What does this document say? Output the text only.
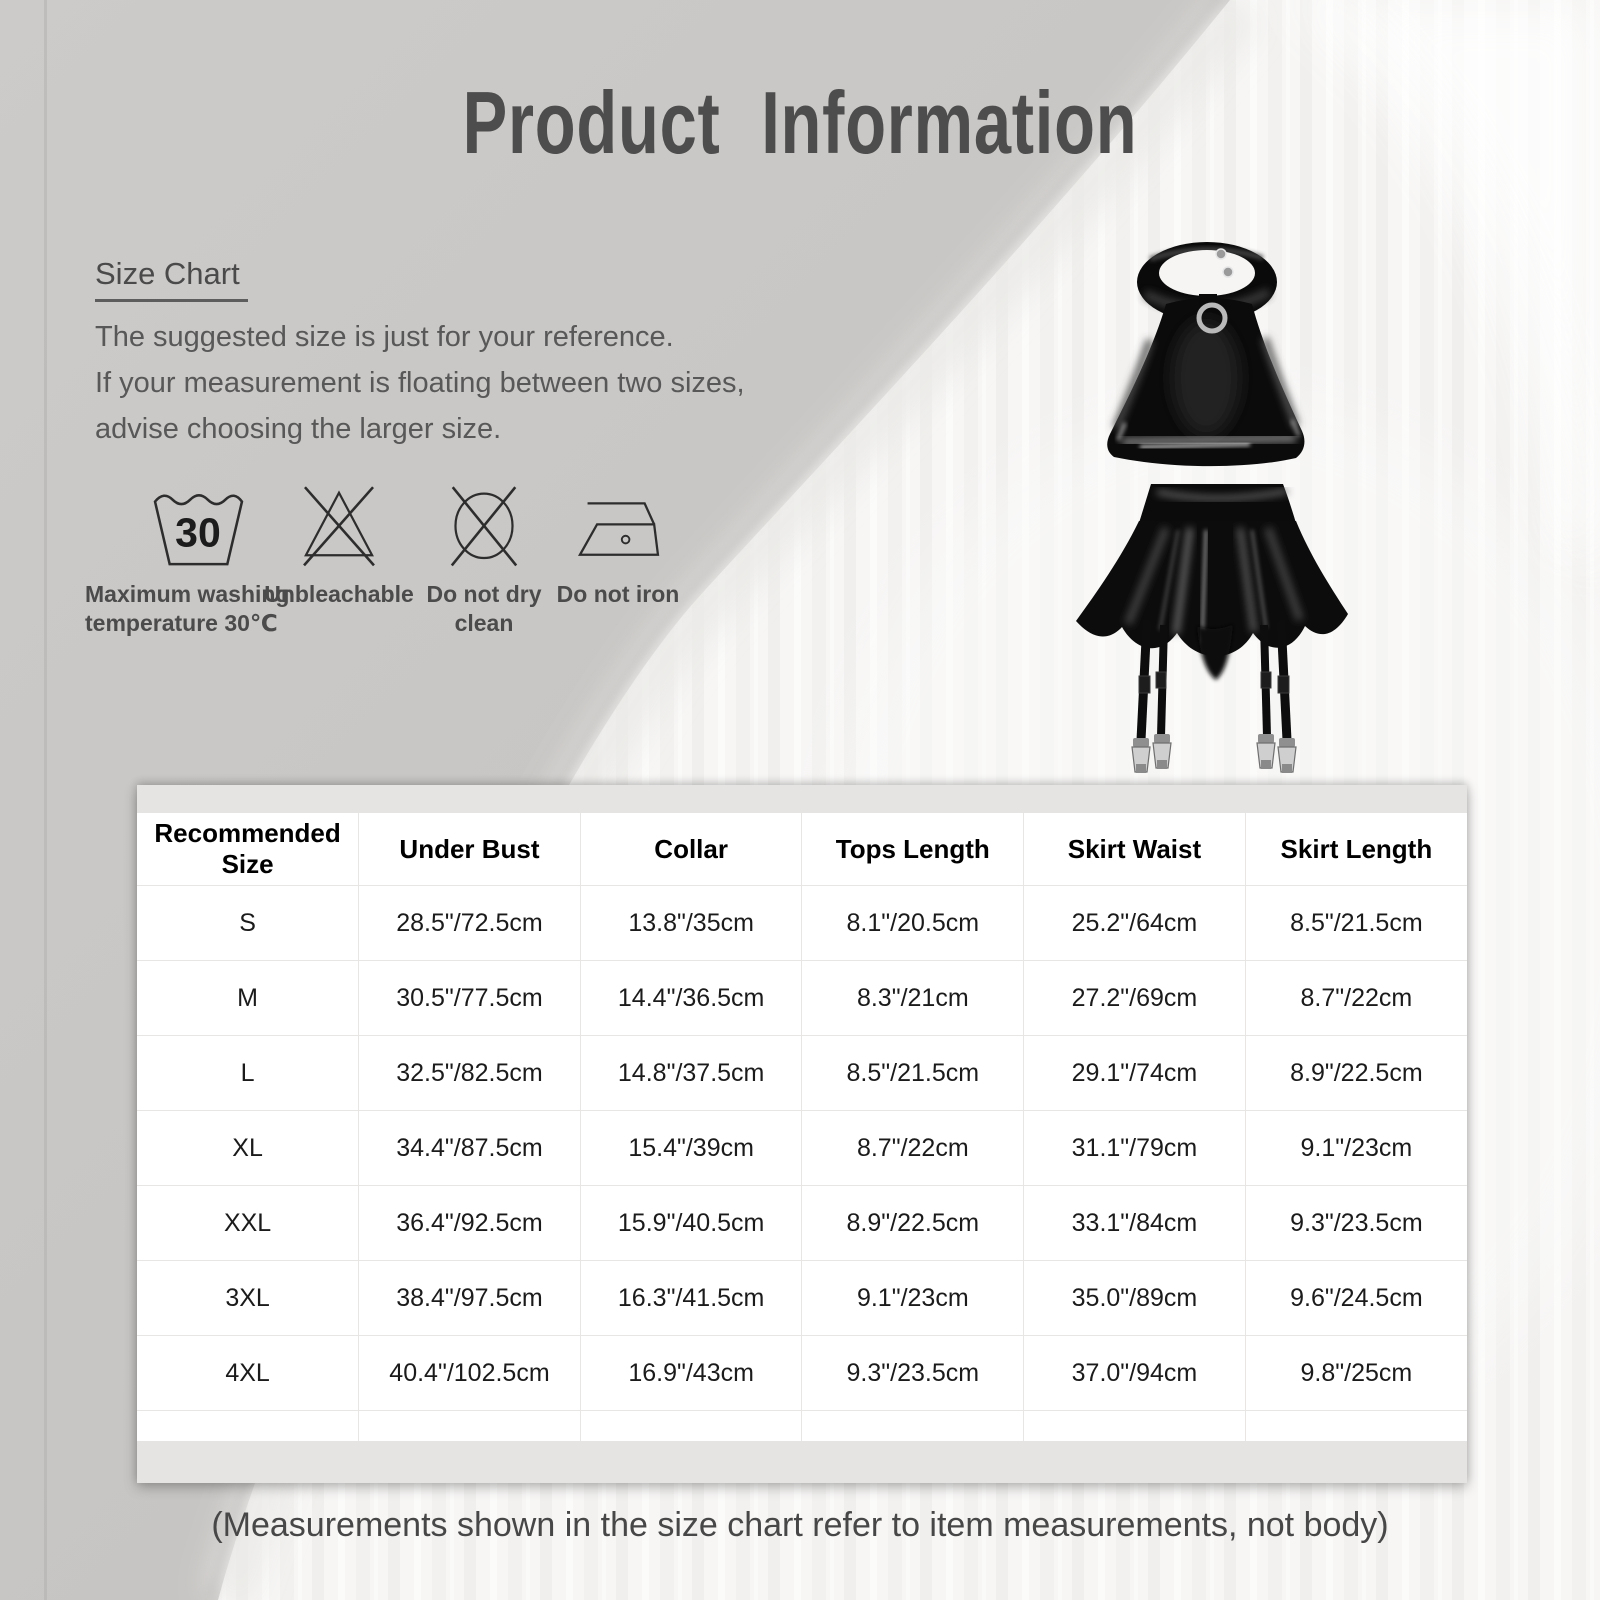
Product Information
Size Chart
The suggested size is just for your reference.
If your measurement is floating between two sizes,
advise choosing the larger size.
30
Maximum washing temperature 30℃
Unbleachable Do not dry clean
Do not iron
Recommended Size	Under Bust	Collar	Tops Length	Skirt Waist	Skirt Length
S	28.5"/72.5cm	13.8"/35cm	8.1"/20.5cm	25.2"/64cm	8.5"/21.5cm
M	30.5"/77.5cm	14.4"/36.5cm	8.3"/21cm	27.2"/69cm	8.7"/22cm
L	32.5"/82.5cm	14.8"/37.5cm	8.5"/21.5cm	29.1"/74cm	8.9"/22.5cm
XL	34.4"/87.5cm	15.4"/39cm	8.7"/22cm	31.1"/79cm	9.1"/23cm
XXL	36.4"/92.5cm	15.9"/40.5cm	8.9"/22.5cm	33.1"/84cm	9.3"/23.5cm
3XL	38.4"/97.5cm	16.3"/41.5cm	9.1"/23cm	35.0"/89cm	9.6"/24.5cm
4XL	40.4"/102.5cm	16.9"/43cm	9.3"/23.5cm	37.0"/94cm	9.8"/25cm

(Measurements shown in the size chart refer to item measurements, not body)
